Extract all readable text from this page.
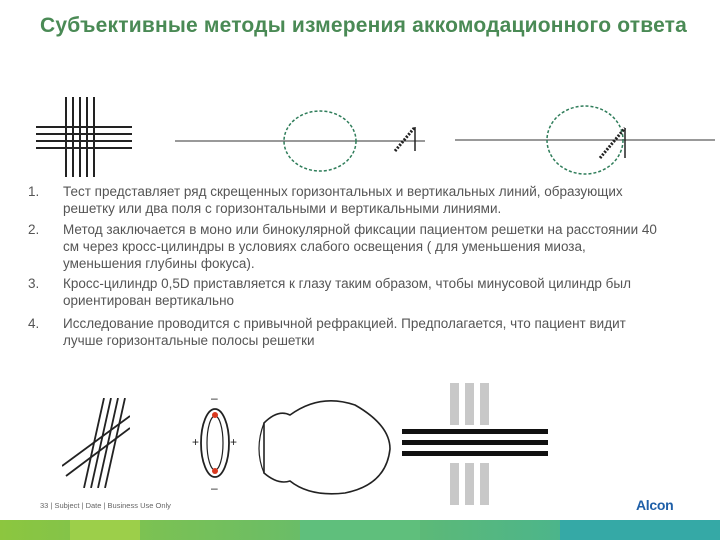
Субъективные методы измерения аккомодационного ответа
1.	Тест представляет ряд скрещенных горизонтальных и вертикальных линий, образующих решетку или два поля с горизонтальными и вертикальными линиями.
2.	Метод заключается в моно или бинокулярной фиксации пациентом решетки на расстоянии 40 см через кросс-цилиндры в условиях слабого освещения ( для уменьшения миоза, уменьшения глубины фокуса).
3.	Кросс-цилиндр 0,5D приставляется к глазу таким образом, чтобы минусовой цилиндр был ориентирован вертикально
4.	Исследование проводится с привычной рефракцией. Предполагается, что пациент видит лучше горизонтальные полосы решетки
–
–
+	+
33 | Subject | Date | Business Use Only	Alcon
